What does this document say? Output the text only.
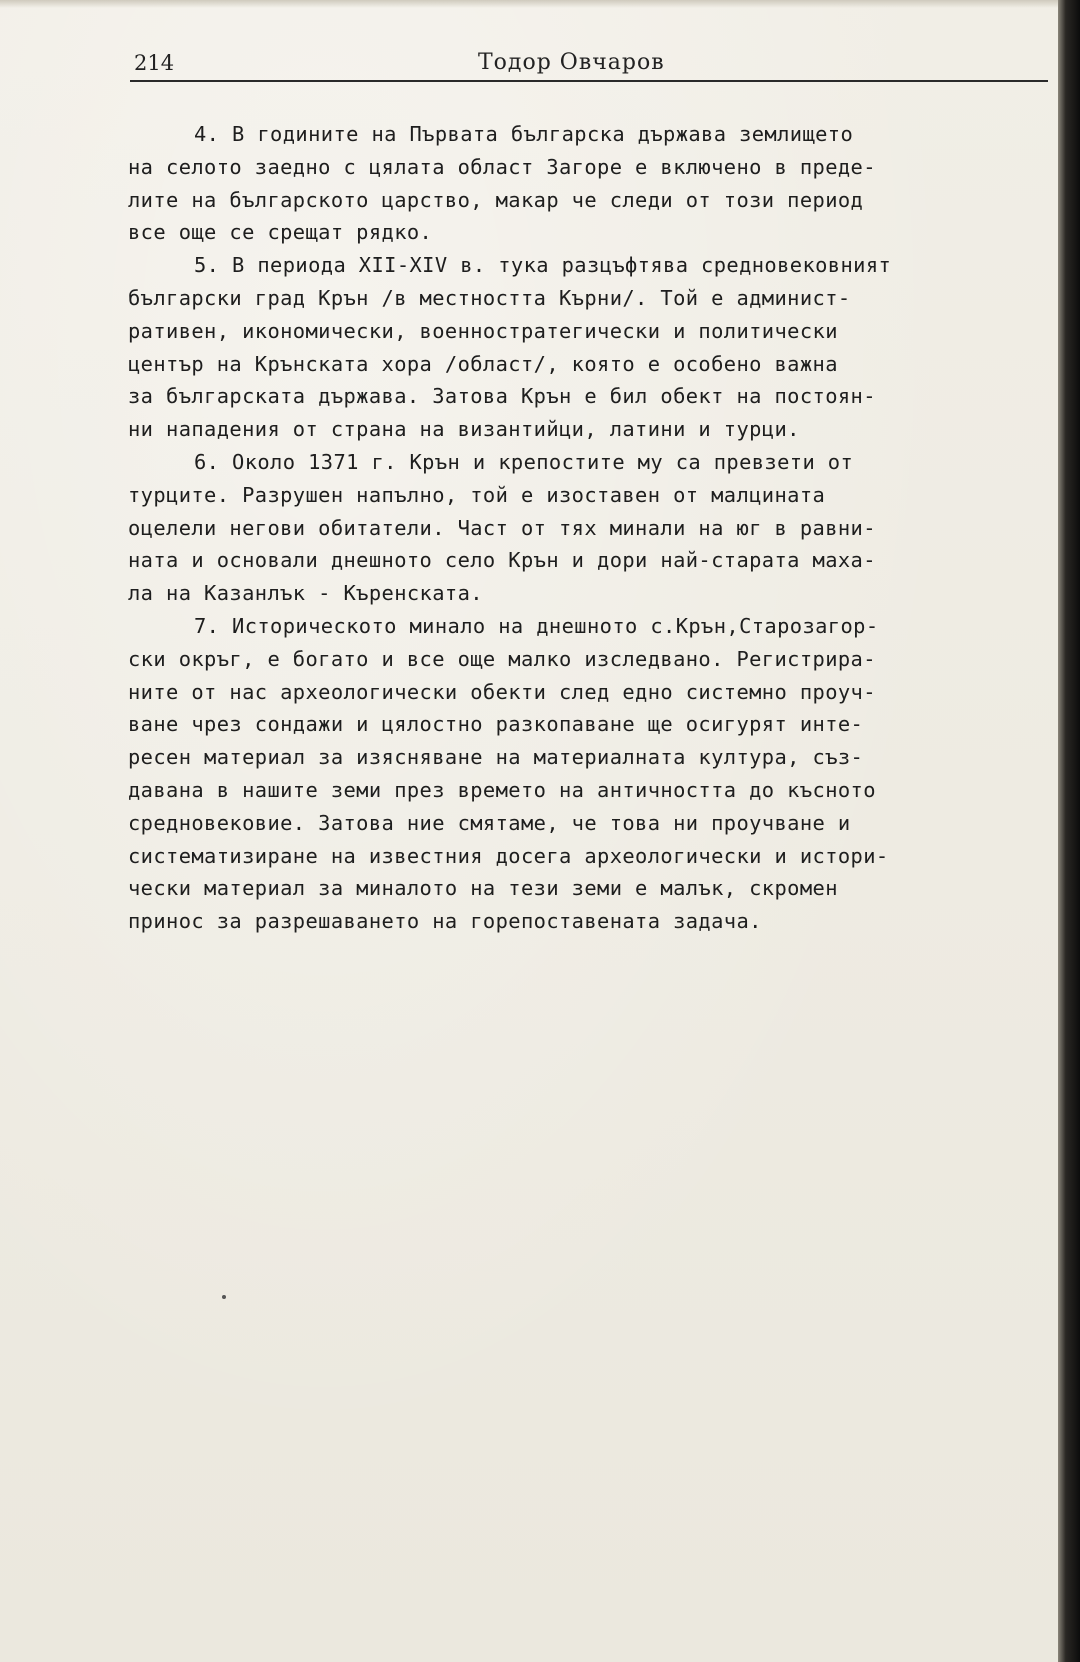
214	Тодор Овчаров
4. В годините на Първата българска държава землището
на селото заедно с цялата област Загоре е включено в преде-
лите на българското царство, макар че следи от този период
все още се срещат рядко.
5. В периода XII-XIV в. тука разцъфтява средновековният
български град Крън /в местността Кърни/. Той е админист-
ративен, икономически, военностратегически и политически
център на Крънската хора /област/, която е особено важна
за българската държава. Затова Крън е бил обект на постоян-
ни нападения от страна на византийци, латини и турци.
6. Около 1371 г. Крън и крепостите му са превзети от
турците. Разрушен напълно, той е изоставен от малцината
оцелели негови обитатели. Част от тях минали на юг в равни-
ната и основали днешното село Крън и дори най-старата маха-
ла на Казанлък - Къренската.
7. Историческото минало на днешното с.Крън,Старозагор-
ски окръг, е богато и все още малко изследвано. Регистрира-
ните от нас археологически обекти след едно системно проуч-
ване чрез сондажи и цялостно разкопаване ще осигурят инте-
ресен материал за изясняване на материалната култура, съз-
давана в нашите земи през времето на античността до късното
средновековие. Затова ние смятаме, че това ни проучване и
систематизиране на известния досега археологически и истори-
чески материал за миналото на тези земи е малък, скромен
принос за разрешаването на горепоставената задача.
